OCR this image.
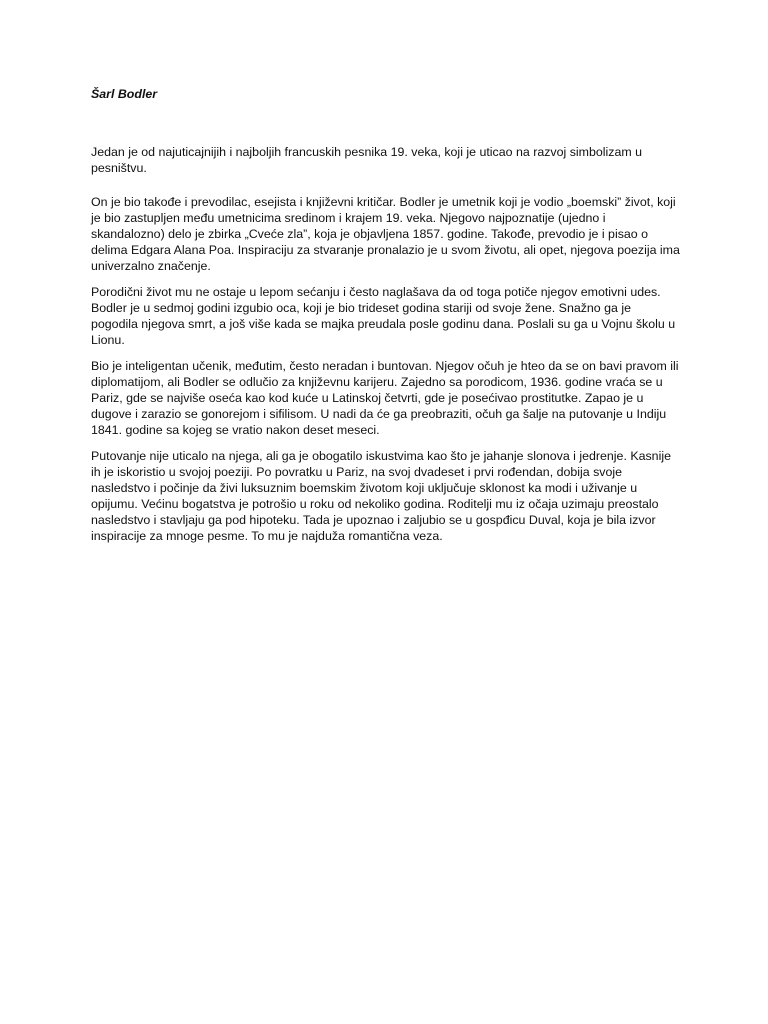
Šarl Bodler

Jedan je od najuticajnijih i najboljih francuskih pesnika 19. veka, koji je uticao na razvoj simbolizam u pesništvu.

On je bio takođe i prevodilac, esejista i književni kritičar. Bodler je umetnik koji je vodio „boemski” život, koji je bio zastupljen među umetnicima sredinom i krajem 19. veka. Njegovo najpoznatije (ujedno i skandalozno) delo je zbirka „Cveće zla”, koja je objavljena 1857. godine. Takođe, prevodio je i pisao o delima Edgara Alana Poa. Inspiraciju za stvaranje pronalazio je u svom životu, ali opet, njegova poezija ima univerzalno značenje.

Porodični život mu ne ostaje u lepom sećanju i često naglašava da od toga potiče njegov emotivni udes. Bodler je u sedmoj godini izgubio oca, koji je bio trideset godina stariji od svoje žene. Snažno ga je pogodila njegova smrt, a još više kada se majka preudala posle godinu dana. Poslali su ga u Vojnu školu u Lionu.

Bio je inteligentan učenik, međutim, često neradan i buntovan. Njegov očuh je hteo da se on bavi pravom ili diplomatijom, ali Bodler se odlučio za književnu karijeru. Zajedno sa porodicom, 1936. godine vraća se u Pariz, gde se najviše oseća kao kod kuće u Latinskoj četvrti, gde je posećivao prostitutke. Zapao je u dugove i zarazio se gonorejom i sifilisom. U nadi da će ga preobraziti, očuh ga šalje na putovanje u Indiju 1841. godine sa kojeg se vratio nakon deset meseci.

Putovanje nije uticalo na njega, ali ga je obogatilo iskustvima kao što je jahanje slonova i jedrenje. Kasnije ih je iskoristio u svojoj poeziji. Po povratku u Pariz, na svoj dvadeset i prvi rođendan, dobija svoje nasledstvo i počinje da živi luksuznim boemskim životom koji uključuje sklonost ka modi i uživanje u opijumu. Većinu bogatstva je potrošio u roku od nekoliko godina. Roditelji mu iz očaja uzimaju preostalo nasledstvo i stavljaju ga pod hipoteku. Tada je upoznao i zaljubio se u gospđicu Duval, koja je bila izvor inspiracije za mnoge pesme. To mu je najduža romantična veza.
